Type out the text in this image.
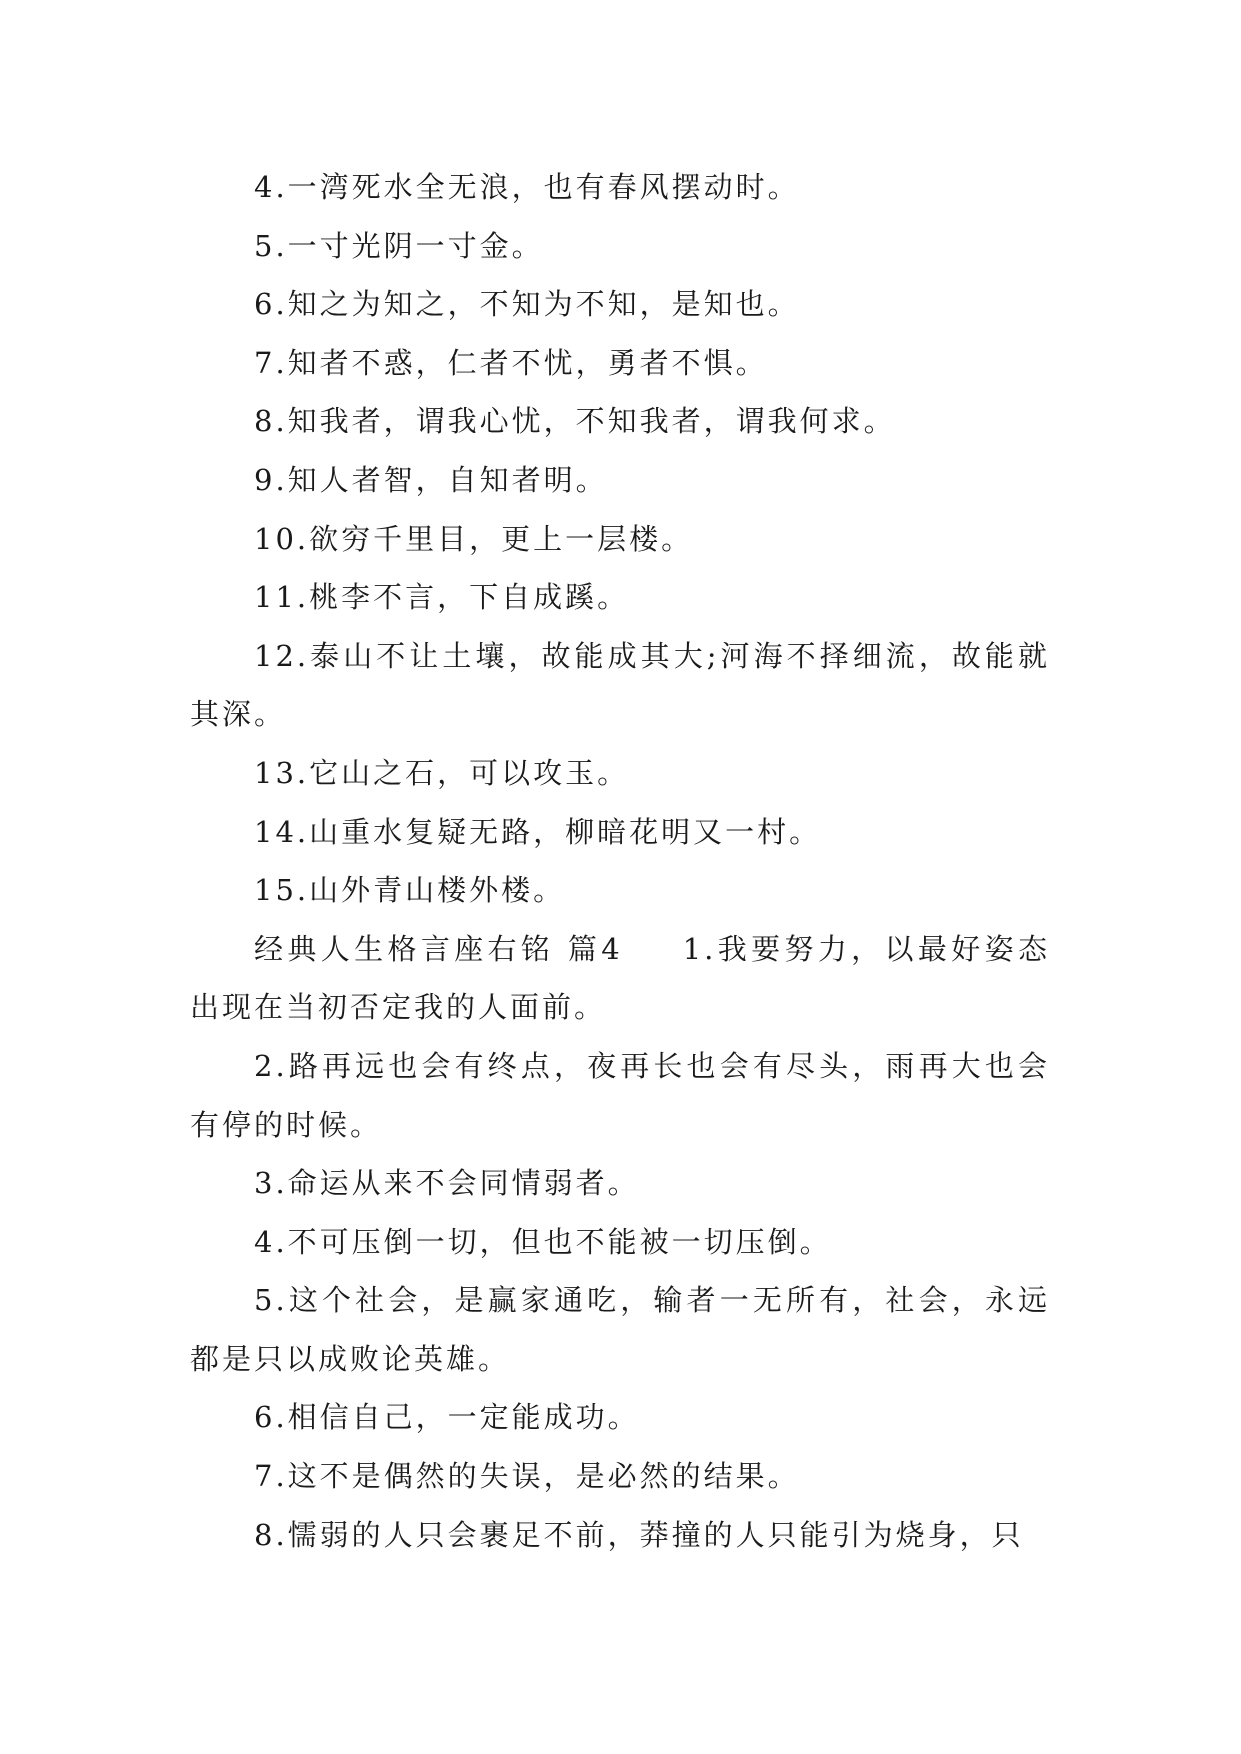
4.一湾死水全无浪，也有春风摆动时。

5.一寸光阴一寸金。

6.知之为知之，不知为不知，是知也。

7.知者不惑，仁者不忧，勇者不惧。

8.知我者，谓我心忧，不知我者，谓我何求。

9.知人者智，自知者明。

10.欲穷千里目，更上一层楼。

11.桃李不言，下自成蹊。

12.泰山不让土壤，故能成其大;河海不择细流，故能就其深。

13.它山之石，可以攻玉。

14.山重水复疑无路，柳暗花明又一村。

15.山外青山楼外楼。

经典人生格言座右铭 篇4 1.我要努力，以最好姿态出现在当初否定我的人面前。

2.路再远也会有终点，夜再长也会有尽头，雨再大也会有停的时候。

3.命运从来不会同情弱者。

4.不可压倒一切，但也不能被一切压倒。

5.这个社会，是赢家通吃，输者一无所有，社会，永远都是只以成败论英雄。

6.相信自己，一定能成功。

7.这不是偶然的失误，是必然的结果。

8.懦弱的人只会裹足不前，莽撞的人只能引为烧身，只
